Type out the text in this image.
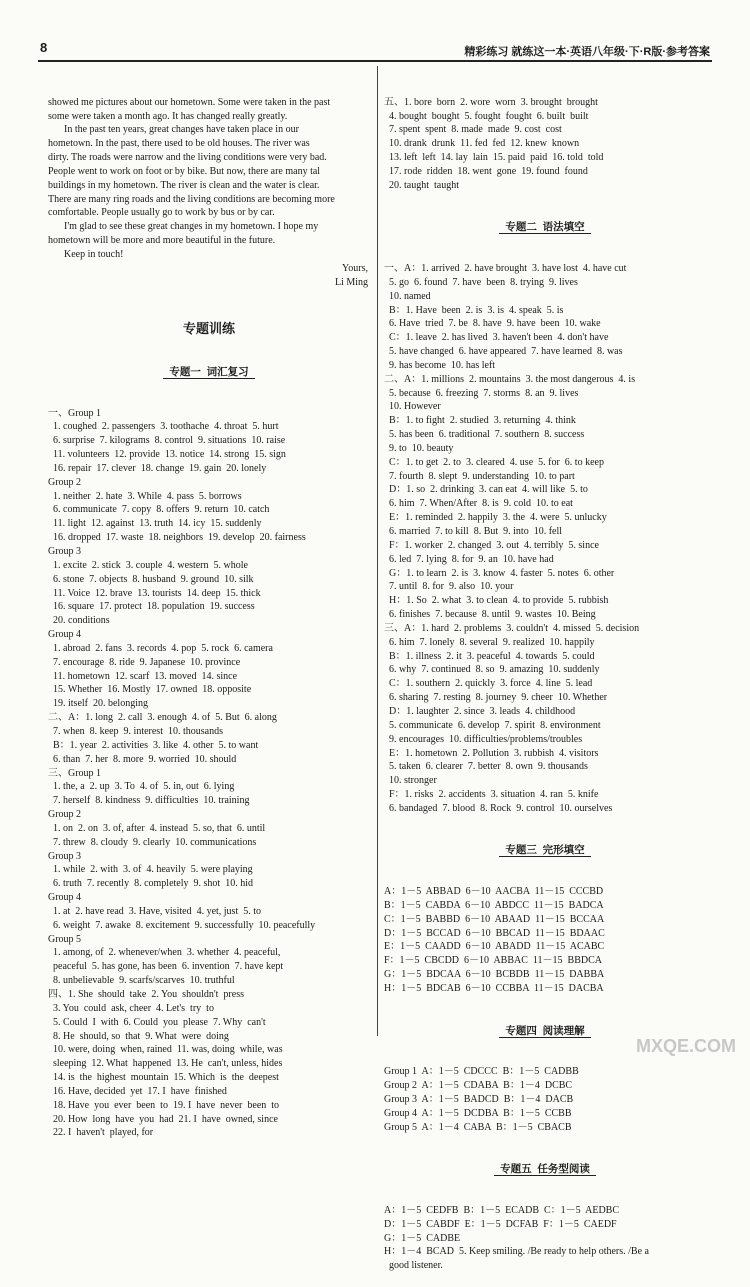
8	精彩练习 就练这一本·英语八年级·下·R版·参考答案

showed me pictures about our hometown. Some were taken in the past
some were taken a month ago. It has changed really greatly.
In the past ten years, great changes have taken place in our
hometown. In the past, there used to be old houses. The river was
dirty. The roads were narrow and the living conditions were very bad.
People went to work on foot or by bike. But now, there are many tal
buildings in my hometown. The river is clean and the water is clear.
There are many ring roads and the living conditions are becoming more
comfortable. People usually go to work by bus or by car.
I'm glad to see these great changes in my hometown. I hope my
hometown will be more and more beautiful in the future.
Keep in touch!
Yours,
Li Ming

专题训练

专题一  词汇复习

一、Group 1
1. coughed  2. passengers  3. toothache  4. throat  5. hurt
6. surprise  7. kilograms  8. control  9. situations  10. raise
11. volunteers  12. provide  13. notice  14. strong  15. sign
16. repair  17. clever  18. change  19. gain  20. lonely
Group 2
1. neither  2. hate  3. While  4. pass  5. borrows
6. communicate  7. copy  8. offers  9. return  10. catch
11. light  12. against  13. truth  14. icy  15. suddenly
16. dropped  17. waste  18. neighbors  19. develop  20. fairness
Group 3
1. excite  2. stick  3. couple  4. western  5. whole
6. stone  7. objects  8. husband  9. ground  10. silk
11. Voice  12. brave  13. tourists  14. deep  15. thick
16. square  17. protect  18. population  19. success
20. conditions
Group 4
1. abroad  2. fans  3. records  4. pop  5. rock  6. camera
7. encourage  8. ride  9. Japanese  10. province
11. hometown  12. scarf  13. moved  14. since
15. Whether  16. Mostly  17. owned  18. opposite
19. itself  20. belonging
二、A：1. long  2. call  3. enough  4. of  5. But  6. along
7. when  8. keep  9. interest  10. thousands
B：1. year  2. activities  3. like  4. other  5. to want
6. than  7. her  8. more  9. worried  10. should
三、Group 1
1. the, a  2. up  3. To  4. of  5. in, out  6. lying
7. herself  8. kindness  9. difficulties  10. training
Group 2
1. on  2. on  3. of, after  4. instead  5. so, that  6. until
7. threw  8. cloudy  9. clearly  10. communications
Group 3
1. while  2. with  3. of  4. heavily  5. were playing
6. truth  7. recently  8. completely  9. shot  10. hid
Group 4
1. at  2. have read  3. Have, visited  4. yet, just  5. to
6. weight  7. awake  8. excitement  9. successfully  10. peacefully
Group 5
1. among, of  2. whenever/when  3. whether  4. peaceful,
peaceful  5. has gone, has been  6. invention  7. have kept
8. unbelievable  9. scarfs/scarves  10. truthful
四、1. She  should  take  2. You  shouldn't  press
3. You  could  ask, cheer  4. Let's  try  to
5. Could  I  with  6. Could  you  please  7. Why  can't
8. He  should, so  that  9. What  were  doing
10. were, doing  when, rained  11. was, doing  while, was
sleeping  12. What  happened  13. He  can't, unless, hides
14. is  the  highest  mountain  15. Which  is  the  deepest
16. Have, decided  yet  17. I  have  finished
18. Have  you  ever  been  to  19. I  have  never  been  to
20. How  long  have  you  had  21. I  have  owned, since
22. I  haven't  played, for

五、1. bore  born  2. wore  worn  3. brought  brought
4. bought  bought  5. fought  fought  6. built  built
7. spent  spent  8. made  made  9. cost  cost
10. drank  drunk  11. fed  fed  12. knew  known
13. left  left  14. lay  lain  15. paid  paid  16. told  told
17. rode  ridden  18. went  gone  19. found  found
20. taught  taught

专题二  语法填空

一、A：1. arrived  2. have brought  3. have lost  4. have cut
5. go  6. found  7. have  been  8. trying  9. lives
10. named
B：1. Have  been  2. is  3. is  4. speak  5. is
6. Have  tried  7. be  8. have  9. have  been  10. wake
C：1. leave  2. has lived  3. haven't been  4. don't have
5. have changed  6. have appeared  7. have learned  8. was
9. has become  10. has left
二、A：1. millions  2. mountains  3. the most dangerous  4. is
5. because  6. freezing  7. storms  8. an  9. lives
10. However
B：1. to fight  2. studied  3. returning  4. think
5. has been  6. traditional  7. southern  8. success
9. to  10. beauty
C：1. to get  2. to  3. cleared  4. use  5. for  6. to keep
7. fourth  8. slept  9. understanding  10. to part
D：1. so  2. drinking  3. can eat  4. will like  5. to
6. him  7. When/After  8. is  9. cold  10. to eat
E：1. reminded  2. happily  3. the  4. were  5. unlucky
6. married  7. to kill  8. But  9. into  10. fell
F：1. worker  2. changed  3. out  4. terribly  5. since
6. led  7. lying  8. for  9. an  10. have had
G：1. to learn  2. is  3. know  4. faster  5. notes  6. other
7. until  8. for  9. also  10. your
H：1. So  2. what  3. to clean  4. to provide  5. rubbish
6. finishes  7. because  8. until  9. wastes  10. Being
三、A：1. hard  2. problems  3. couldn't  4. missed  5. decision
6. him  7. lonely  8. several  9. realized  10. happily
B：1. illness  2. it  3. peaceful  4. towards  5. could
6. why  7. continued  8. so  9. amazing  10. suddenly
C：1. southern  2. quickly  3. force  4. line  5. lead
6. sharing  7. resting  8. journey  9. cheer  10. Whether
D：1. laughter  2. since  3. leads  4. childhood
5. communicate  6. develop  7. spirit  8. environment
9. encourages  10. difficulties/problems/troubles
E：1. hometown  2. Pollution  3. rubbish  4. visitors
5. taken  6. clearer  7. better  8. own  9. thousands
10. stronger
F：1. risks  2. accidents  3. situation  4. ran  5. knife
6. bandaged  7. blood  8. Rock  9. control  10. ourselves

专题三  完形填空

A：1－5  ABBAD  6－10  AACBA  11－15  CCCBD
B：1－5  CABDA  6－10  ABDCC  11－15  BADCA
C：1－5  BABBD  6－10  ABAAD  11－15  BCCAA
D：1－5  BCCAD  6－10  BBCAD  11－15  BDAAC
E：1－5  CAADD  6－10  ABADD  11－15  ACABC
F：1－5  CBCDD  6－10  ABBAC  11－15  BBDCA
G：1－5  BDCAA  6－10  BCBDB  11－15  DABBA
H：1－5  BDCAB  6－10  CCBBA  11－15  DACBA

专题四  阅读理解

Group 1  A：1－5  CDCCC  B：1－5  CADBB
Group 2  A：1－5  CDABA  B：1－4  DCBC
Group 3  A：1－5  BADCD  B：1－4  DACB
Group 4  A：1－5  DCDBA  B：1－5  CCBB
Group 5  A：1－4  CABA  B：1－5  CBACB

专题五  任务型阅读

A：1－5  CEDFB  B：1－5  ECADB  C：1－5  AEDBC
D：1－5  CABDF  E：1－5  DCFAB  F：1－5  CAEDF
G：1－5  CADBE
H：1－4  BCAD  5. Keep smiling. /Be ready to help others. /Be a
good listener.

MXQE.COM
